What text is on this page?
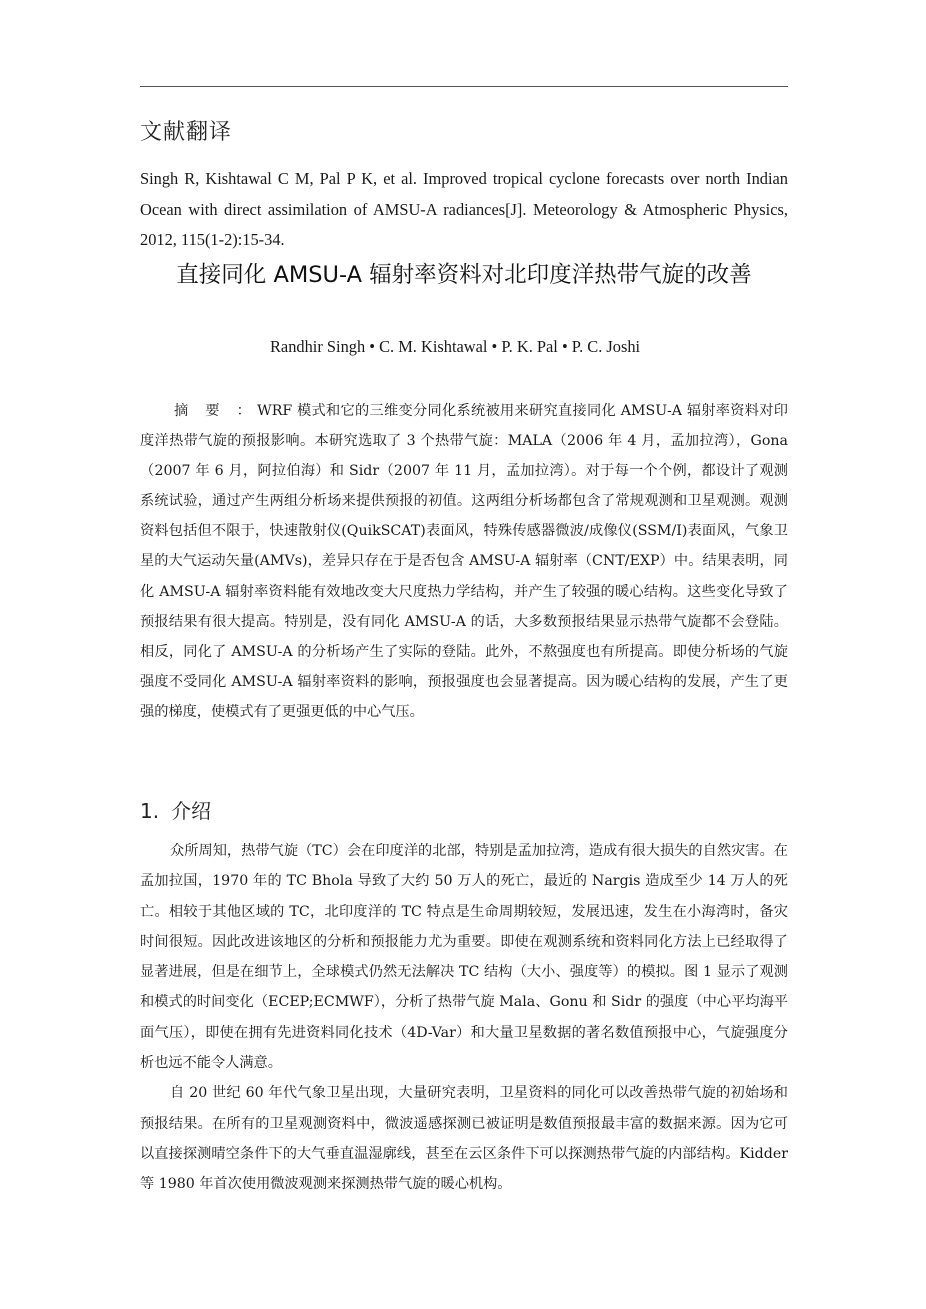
文献翻译
Singh R, Kishtawal C M, Pal P K, et al. Improved tropical cyclone forecasts over north Indian Ocean with direct assimilation of AMSU-A radiances[J]. Meteorology & Atmospheric Physics, 2012, 115(1-2):15-34.
直接同化 AMSU-A 辐射率资料对北印度洋热带气旋的改善
Randhir Singh • C. M. Kishtawal • P. K. Pal • P. C. Joshi
摘 要 ：WRF 模式和它的三维变分同化系统被用来研究直接同化 AMSU-A 辐射率资料对印度洋热带气旋的预报影响。本研究选取了 3 个热带气旋：MALA（2006 年 4 月，孟加拉湾），Gona（2007 年 6 月，阿拉伯海）和 Sidr（2007 年 11 月，孟加拉湾）。对于每一个个例，都设计了观测系统试验，通过产生两组分析场来提供预报的初值。这两组分析场都包含了常规观测和卫星观测。观测资料包括但不限于，快速散射仪(QuikSCAT)表面风，特殊传感器微波/成像仪(SSM/I)表面风，气象卫星的大气运动矢量(AMVs)，差异只存在于是否包含 AMSU-A 辐射率（CNT/EXP）中。结果表明，同化 AMSU-A 辐射率资料能有效地改变大尺度热力学结构，并产生了较强的暖心结构。这些变化导致了预报结果有很大提高。特别是，没有同化 AMSU-A 的话，大多数预报结果显示热带气旋都不会登陆。相反，同化了 AMSU-A 的分析场产生了实际的登陆。此外，不熬强度也有所提高。即使分析场的气旋强度不受同化 AMSU-A 辐射率资料的影响，预报强度也会显著提高。因为暖心结构的发展，产生了更强的梯度，使模式有了更强更低的中心气压。
1. 介绍

众所周知，热带气旋（TC）会在印度洋的北部，特别是孟加拉湾，造成有很大损失的自然灾害。在孟加拉国，1970 年的 TC Bhola 导致了大约 50 万人的死亡，最近的 Nargis 造成至少 14 万人的死亡。相较于其他区域的 TC，北印度洋的 TC 特点是生命周期较短，发展迅速，发生在小海湾时，备灾时间很短。因此改进该地区的分析和预报能力尤为重要。即使在观测系统和资料同化方法上已经取得了显著进展，但是在细节上，全球模式仍然无法解决 TC 结构（大小、强度等）的模拟。图 1 显示了观测和模式的时间变化（ECEP;ECMWF），分析了热带气旋 Mala、Gonu 和 Sidr 的强度（中心平均海平面气压），即使在拥有先进资料同化技术（4D-Var）和大量卫星数据的著名数值预报中心，气旋强度分析也远不能令人满意。

自 20 世纪 60 年代气象卫星出现，大量研究表明，卫星资料的同化可以改善热带气旋的初始场和预报结果。在所有的卫星观测资料中，微波遥感探测已被证明是数值预报最丰富的数据来源。因为它可以直接探测晴空条件下的大气垂直温湿廓线，甚至在云区条件下可以探测热带气旋的内部结构。Kidder 等 1980 年首次使用微波观测来探测热带气旋的暖心机构。
